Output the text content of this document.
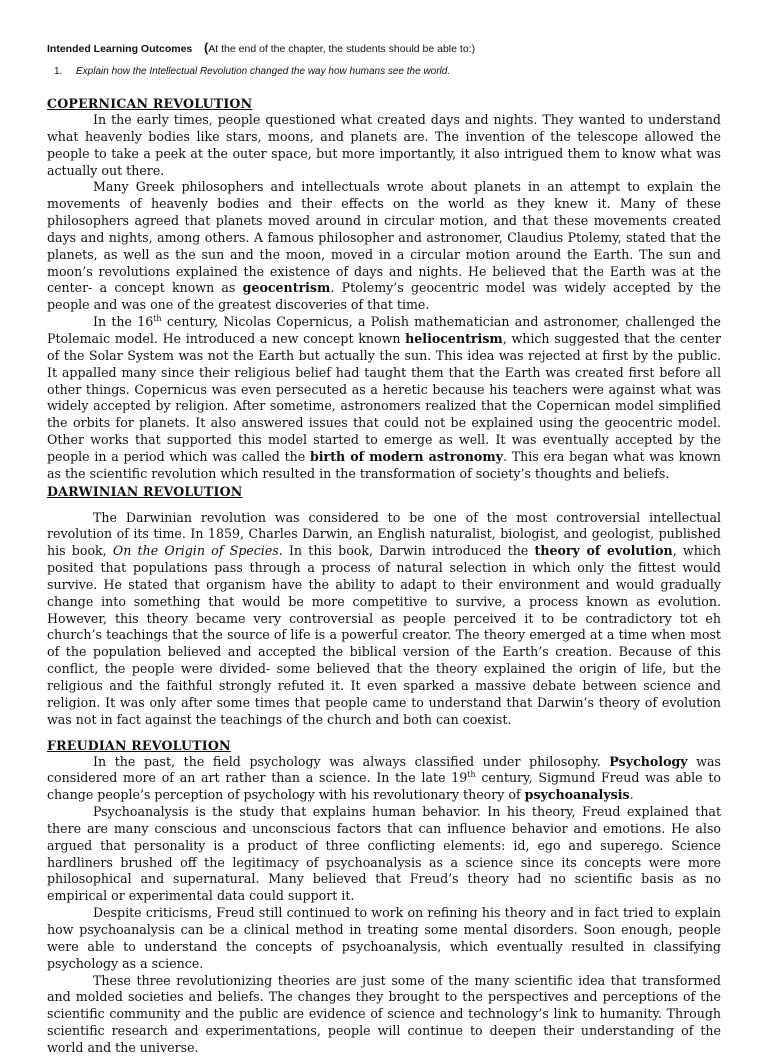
Intended Learning Outcomes (At the end of the chapter, the students should be able to:)

1.	Explain how the Intellectual Revolution changed the way how humans see the world.

COPERNICAN REVOLUTION

In the early times, people questioned what created days and nights. They wanted to understand what heavenly bodies like stars, moons, and planets are. The invention of the telescope allowed the people to take a peek at the outer space, but more importantly, it also intrigued them to know what was actually out there.

Many Greek philosophers and intellectuals wrote about planets in an attempt to explain the movements of heavenly bodies and their effects on the world as they knew it. Many of these philosophers agreed that planets moved around in circular motion, and that these movements created days and nights, among others. A famous philosopher and astronomer, Claudius Ptolemy, stated that the planets, as well as the sun and the moon, moved in a circular motion around the Earth. The sun and moon’s revolutions explained the existence of days and nights. He believed that the Earth was at the center- a concept known as geocentrism. Ptolemy’s geocentric model was widely accepted by the people and was one of the greatest discoveries of that time.

In the 16th century, Nicolas Copernicus, a Polish mathematician and astronomer, challenged the Ptolemaic model. He introduced a new concept known heliocentrism, which suggested that the center of the Solar System was not the Earth but actually the sun. This idea was rejected at first by the public. It appalled many since their religious belief had taught them that the Earth was created first before all other things. Copernicus was even persecuted as a heretic because his teachers were against what was widely accepted by religion. After sometime, astronomers realized that the Copernican model simplified the orbits for planets. It also answered issues that could not be explained using the geocentric model. Other works that supported this model started to emerge as well. It was eventually accepted by the people in a period which was called the birth of modern astronomy. This era began what was known as the scientific revolution which resulted in the transformation of society’s thoughts and beliefs.

DARWINIAN REVOLUTION

The Darwinian revolution was considered to be one of the most controversial intellectual revolution of its time. In 1859, Charles Darwin, an English naturalist, biologist, and geologist, published his book, On the Origin of Species. In this book, Darwin introduced the theory of evolution, which posited that populations pass through a process of natural selection in which only the fittest would survive. He stated that organism have the ability to adapt to their environment and would gradually change into something that would be more competitive to survive, a process known as evolution. However, this theory became very controversial as people perceived it to be contradictory tot eh church’s teachings that the source of life is a powerful creator. The theory emerged at a time when most of the population believed and accepted the biblical version of the Earth’s creation. Because of this conflict, the people were divided- some believed that the theory explained the origin of life, but the religious and the faithful strongly refuted it. It even sparked a massive debate between science and religion. It was only after some times that people came to understand that Darwin’s theory of evolution was not in fact against the teachings of the church and both can coexist.

FREUDIAN REVOLUTION

In the past, the field psychology was always classified under philosophy. Psychology was considered more of an art rather than a science. In the late 19th century, Sigmund Freud was able to change people’s perception of psychology with his revolutionary theory of psychoanalysis.

Psychoanalysis is the study that explains human behavior. In his theory, Freud explained that there are many conscious and unconscious factors that can influence behavior and emotions. He also argued that personality is a product of three conflicting elements: id, ego and superego. Science hardliners brushed off the legitimacy of psychoanalysis as a science since its concepts were more philosophical and supernatural. Many believed that Freud’s theory had no scientific basis as no empirical or experimental data could support it.

Despite criticisms, Freud still continued to work on refining his theory and in fact tried to explain how psychoanalysis can be a clinical method in treating some mental disorders. Soon enough, people were able to understand the concepts of psychoanalysis, which eventually resulted in classifying psychology as a science.

These three revolutionizing theories are just some of the many scientific idea that transformed and molded societies and beliefs. The changes they brought to the perspectives and perceptions of the scientific community and the public are evidence of science and technology’s link to humanity. Through scientific research and experimentations, people will continue to deepen their understanding of the world and the universe.
